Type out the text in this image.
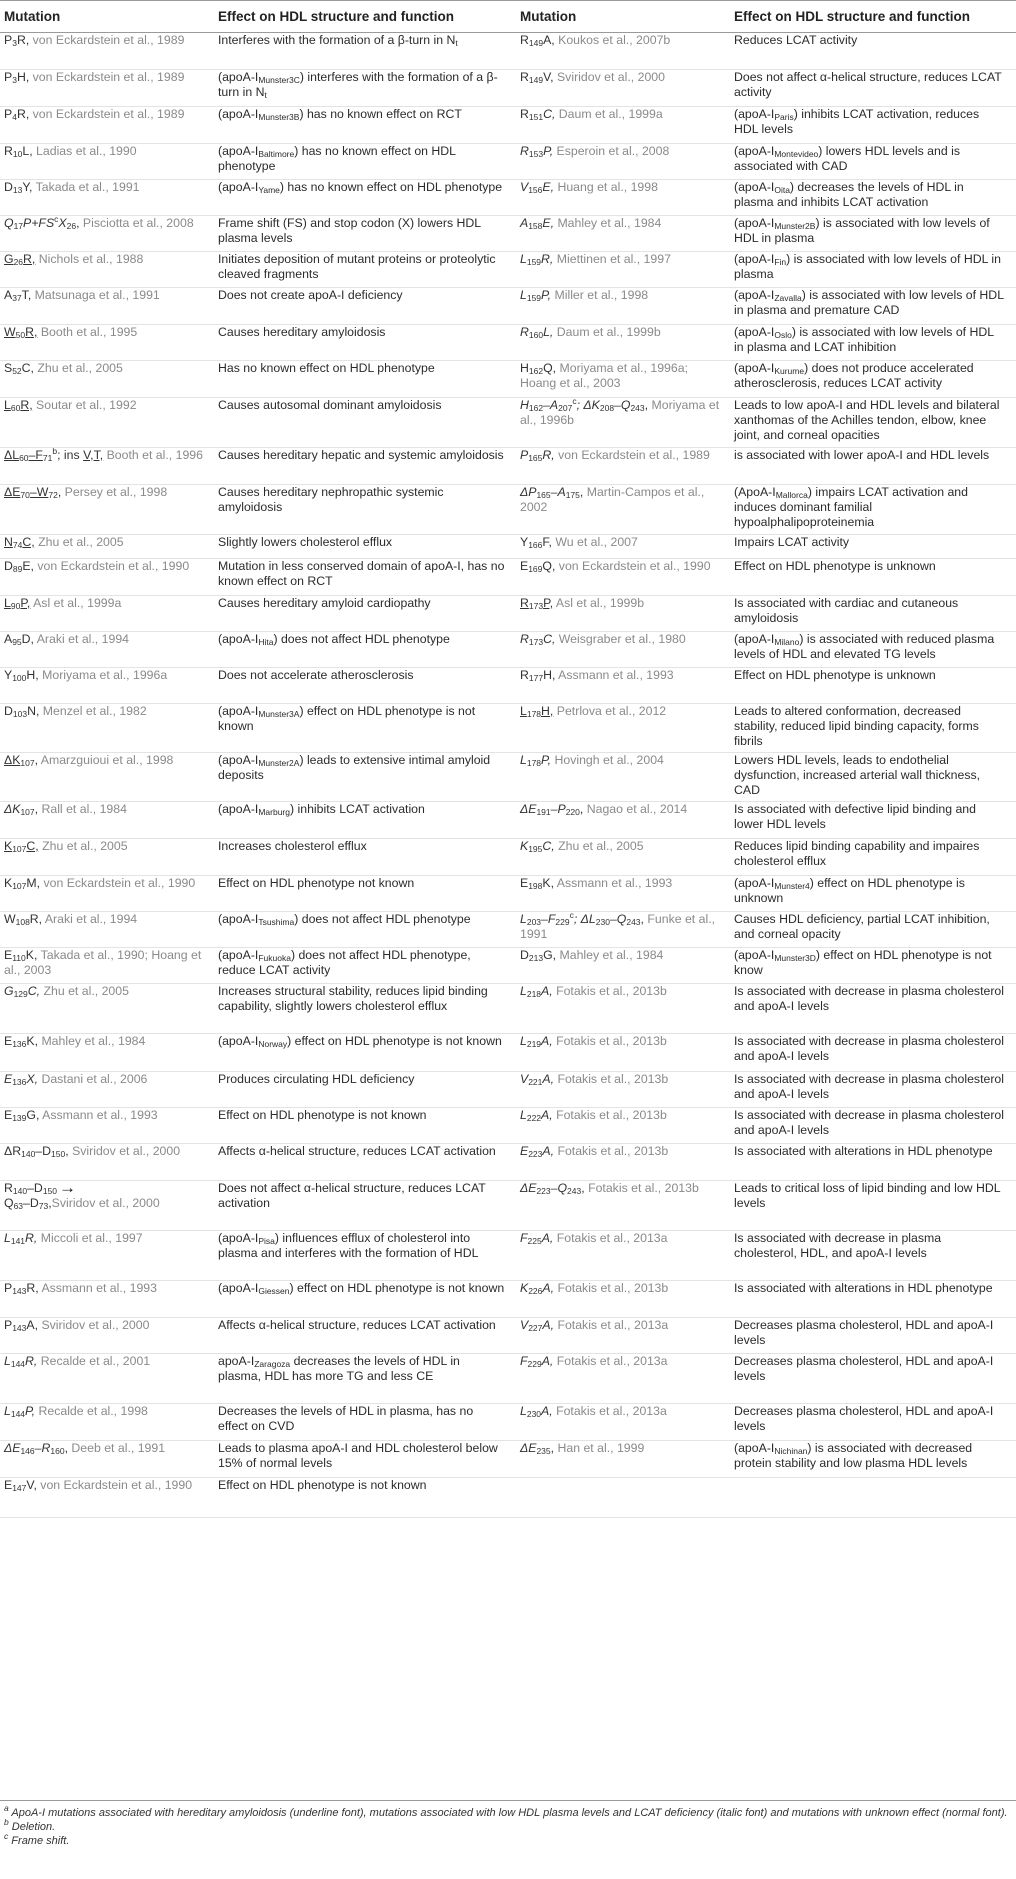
Mutation	Effect on HDL structure and function	Mutation	Effect on HDL structure and function
$P_3R$, von Eckardstein et al., 1989	Interferes with the formation of a β-turn in $N_t$	$R_{149}A$, Koukos et al., 2007b	Reduces LCAT activity
$P_3H$, von Eckardstein et al., 1989	$(apoA-I_{Munster3C})$ interferes with the formation of a β-turn in $N_t$	$R_{149}V$, Sviridov et al., 2000	Does not affect α-helical structure, reduces LCAT activity
$P_4R$, von Eckardstein et al., 1989	$(apoA-I_{Munster3B})$ has no known effect on RCT	$R_{151}C$, Daum et al., 1999a	$(apoA-I_{Paris})$ inhibits LCAT activation, reduces HDL levels
$R_{10}L$, Ladias et al., 1990	$(apoA-I_{Baltimore})$ has no known effect on HDL phenotype	$R_{153}P$, Esperoin et al., 2008	$(apoA-I_{Montevideo})$ lowers HDL levels and is associated with CAD
$D_{13}Y$, Takada et al., 1991	$(apoA-I_{Yame})$ has no known effect on HDL phenotype	$V_{156}E$, Huang et al., 1998	$(apoA-I_{Oita})$ decreases the levels of HDL in plasma and inhibits LCAT activation
$Q_{17}P+FS^cX_{26}$, Pisciotta et al., 2008	Frame shift (FS) and stop codon (X) lowers HDL plasma levels	$A_{158}E$, Mahley et al., 1984	$(apoA-I_{Munster2B})$ is associated with low levels of HDL in plasma
$G_{26}R$, Nichols et al., 1988	Initiates deposition of mutant proteins or proteolytic cleaved fragments	$L_{159}R$, Miettinen et al., 1997	$(apoA-I_{Fin})$ is associated with low levels of HDL in plasma
$A_{37}T$, Matsunaga et al., 1991	Does not create apoA-I deficiency	$L_{159}P$, Miller et al., 1998	$(apoA-I_{Zavalla})$ is associated with low levels of HDL in plasma and premature CAD
$W_{50}R$, Booth et al., 1995	Causes hereditary amyloidosis	$R_{160}L$, Daum et al., 1999b	$(apoA-I_{Oslo})$ is associated with low levels of HDL in plasma and LCAT inhibition
$S_{52}C$, Zhu et al., 2005	Has no known effect on HDL phenotype	$H_{162}Q$, Moriyama et al., 1996a; Hoang et al., 2003	$(apoA-I_{Kurume})$ does not produce accelerated atherosclerosis, reduces LCAT activity
$L_{60}R$, Soutar et al., 1992	Causes autosomal dominant amyloidosis	$H_{162}-A_{207}^c$; $\Delta K_{208}-Q_{243}$, Moriyama et al., 1996b	Leads to low apoA-I and HDL levels and bilateral xanthomas of the Achilles tendon, elbow, knee joint, and corneal opacities
$\Delta L_{60}-F_{71}^b$; ins V,T, Booth et al., 1996	Causes hereditary hepatic and systemic amyloidosis	$P_{165}R$, von Eckardstein et al., 1989	is associated with lower apoA-I and HDL levels
$\Delta E_{70}-W_{72}$, Persey et al., 1998	Causes hereditary nephropathic systemic amyloidosis	$\Delta P_{165}-A_{175}$, Martin-Campos et al., 2002	$(ApoA-I_{Mallorca})$ impairs LCAT activation and induces dominant familial hypoalphalipoproteinemia
$N_{74}C$, Zhu et al., 2005	Slightly lowers cholesterol efflux	$Y_{166}F$, Wu et al., 2007	Impairs LCAT activity
$D_{89}E$, von Eckardstein et al., 1990	Mutation in less conserved domain of apoA-I, has no known effect on RCT	$E_{169}Q$, von Eckardstein et al., 1990	Effect on HDL phenotype is unknown
$L_{90}P$, Asl et al., 1999a	Causes hereditary amyloid cardiopathy	$R_{173}P$, Asl et al., 1999b	Is associated with cardiac and cutaneous amyloidosis
$A_{95}D$, Araki et al., 1994	$(apoA-I_{Hita})$ does not affect HDL phenotype	$R_{173}C$, Weisgraber et al., 1980	$(apoA-I_{Milano})$ is associated with reduced plasma levels of HDL and elevated TG levels
$Y_{100}H$, Moriyama et al., 1996a	Does not accelerate atherosclerosis	$R_{177}H$, Assmann et al., 1993	Effect on HDL phenotype is unknown
$D_{103}N$, Menzel et al., 1982	$(apoA-I_{Munster3A})$ effect on HDL phenotype is not known	$L_{178}H$, Petrlova et al., 2012	Leads to altered conformation, decreased stability, reduced lipid binding capacity, forms fibrils
$\Delta K_{107}$, Amarzguioui et al., 1998	$(apoA-I_{Munster2A})$ leads to extensive intimal amyloid deposits	$L_{178}P$, Hovingh et al., 2004	Lowers HDL levels, leads to endothelial dysfunction, increased arterial wall thickness, CAD
$\Delta K_{107}$, Rall et al., 1984	$(apoA-I_{Marburg})$ inhibits LCAT activation	$\Delta E_{191}-P_{220}$, Nagao et al., 2014	Is associated with defective lipid binding and lower HDL levels
$K_{107}C$, Zhu et al., 2005	Increases cholesterol efflux	$K_{195}C$, Zhu et al., 2005	Reduces lipid binding capability and impaires cholesterol efflux
$K_{107}M$, von Eckardstein et al., 1990	Effect on HDL phenotype not known	$E_{198}K$, Assmann et al., 1993	$(apoA-I_{Munster4})$ effect on HDL phenotype is unknown
$W_{108}R$, Araki et al., 1994	$(apoA-I_{Tsushima})$ does not affect HDL phenotype	$L_{203}-F_{229}^c$; $\Delta L_{230}-Q_{243}$, Funke et al., 1991	Causes HDL deficiency, partial LCAT inhibition, and corneal opacity
$E_{110}K$, Takada et al., 1990; Hoang et al., 2003	$(apoA-I_{Fukuoka})$ does not affect HDL phenotype, reduce LCAT activity	$D_{213}G$, Mahley et al., 1984	$(apoA-I_{Munster3D})$ effect on HDL phenotype is not know
$G_{129}C$, Zhu et al., 2005	Increases structural stability, reduces lipid binding capability, slightly lowers cholesterol efflux	$L_{218}A$, Fotakis et al., 2013b	Is associated with decrease in plasma cholesterol and apoA-I levels
$E_{136}K$, Mahley et al., 1984	$(apoA-I_{Norway})$ effect on HDL phenotype is not known	$L_{219}A$, Fotakis et al., 2013b	Is associated with decrease in plasma cholesterol and apoA-I levels
$E_{136}X$, Dastani et al., 2006	Produces circulating HDL deficiency	$V_{221}A$, Fotakis et al., 2013b	Is associated with decrease in plasma cholesterol and apoA-I levels
$E_{139}G$, Assmann et al., 1993	Effect on HDL phenotype is not known	$L_{222}A$, Fotakis et al., 2013b	Is associated with decrease in plasma cholesterol and apoA-I levels
$\Delta R_{140}-D_{150}$, Sviridov et al., 2000	Affects α-helical structure, reduces LCAT activation	$E_{223}A$, Fotakis et al., 2013b	Is associated with alterations in HDL phenotype
$R_{140}-D_{150}$ →
$Q_{63}-D_{73},Sviridov$ et al., 2000	Does not affect α-helical structure, reduces LCAT activation	$\Delta E_{223}-Q_{243}$, Fotakis et al., 2013b	Leads to critical loss of lipid binding and low HDL levels
$L_{141}R$, Miccoli et al., 1997	$(apoA-I_{Pisa})$ influences efflux of cholesterol into plasma and interferes with the formation of HDL	$F_{225}A$, Fotakis et al., 2013a	Is associated with decrease in plasma cholesterol, HDL, and apoA-I levels
$P_{143}R$, Assmann et al., 1993	$(apoA-I_{Giessen})$ effect on HDL phenotype is not known	$K_{226}A$, Fotakis et al., 2013b	Is associated with alterations in HDL phenotype
$P_{143}A$, Sviridov et al., 2000	Affects α-helical structure, reduces LCAT activation	$V_{227}A$, Fotakis et al., 2013a	Decreases plasma cholesterol, HDL and apoA-I levels
$L_{144}R$, Recalde et al., 2001	apoA-$I_{Zaragoza}$ decreases the levels of HDL in plasma, HDL has more TG and less CE	$F_{229}A$, Fotakis et al., 2013a	Decreases plasma cholesterol, HDL and apoA-I levels
$L_{144}P$, Recalde et al., 1998	Decreases the levels of HDL in plasma, has no effect on CVD	$L_{230}A$, Fotakis et al., 2013a	Decreases plasma cholesterol, HDL and apoA-I levels
$\Delta E_{146}-R_{160}$, Deeb et al., 1991	Leads to plasma apoA-I and HDL cholesterol below 15% of normal levels	$\Delta E_{235}$, Han et al., 1999	$(apoA-I_{Nichinan})$ is associated with decreased protein stability and low plasma HDL levels
$E_{147}V$, von Eckardstein et al., 1990	Effect on HDL phenotype is not known		

$^a$ ApoA-I mutations associated with hereditary amyloidosis (underline font), mutations associated with low HDL plasma levels and LCAT deficiency (italic font) and mutations with unknown effect (normal font).

$^b$ Deletion.

$^c$ Frame shift.
